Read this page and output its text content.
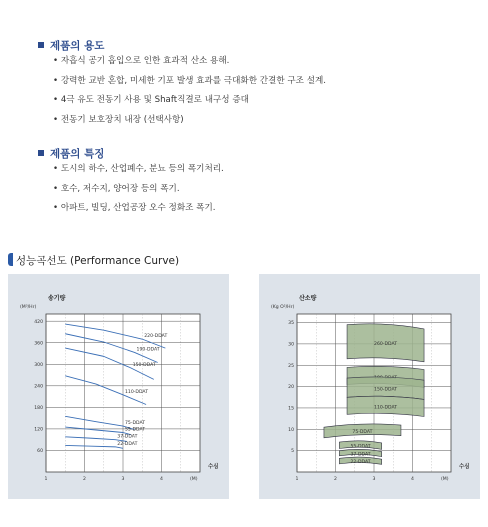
제품의 용도
• 자흡식 공기 흡입으로 인한 효과적 산소 용해.
• 강력한 교반 혼합, 미세한 기포 발생 효과를 극대화한 간결한 구조 설계.
• 4극 유도 전동기 사용 및 Shaft직결로 내구성 증대
• 전동기 보호장치 내장 (선택사항)
제품의 특징
• 도시의 하수, 산업폐수, 분뇨 등의 폭기처리.
• 호수, 저수지, 양어장 등의 폭기.
• 아파트, 빌딩, 산업공장 오수 정화조 폭기.
성능곡선도 (Performance Curve)
1	2	3	4
420
360
300
240
180
120
60
송기량
(M³/Hr)
수심
(M)
220-DDAT
190-DDAT
150-DDAT
110-DDAT
75-DDAT
55-DDAT
37-DDAT
22-DDAT
1	2	3	4
35
30
25
20
15
10
5
산소량
(Kg O²/Hr)
수심
(M)
260-DDAT
150-DDAT
110-DDAT
75-DDAT
55-DDAT
37-DDAT
22-DDAT
